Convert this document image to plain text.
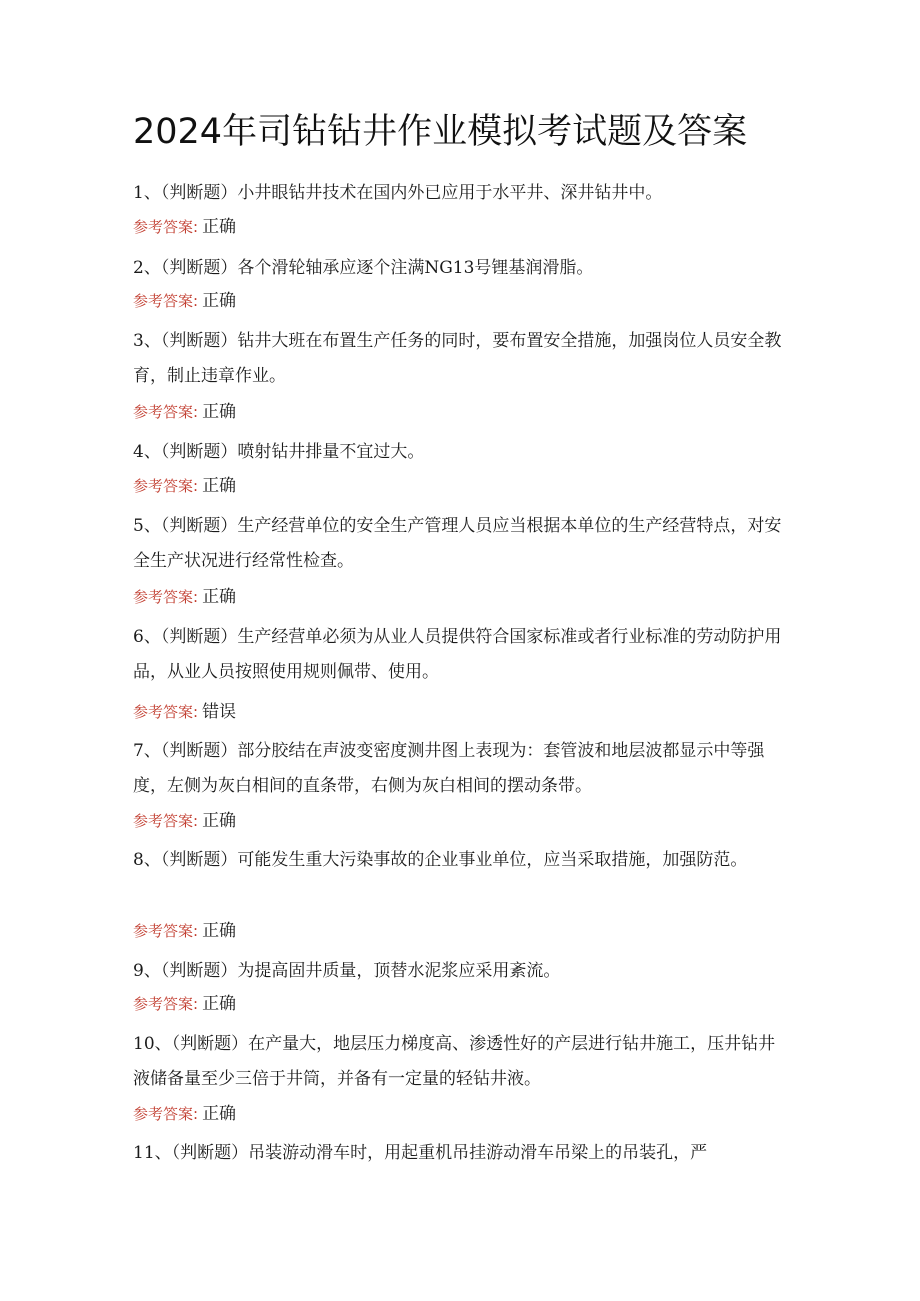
2024年司钻钻井作业模拟考试题及答案
1、（判断题）小井眼钻井技术在国内外已应用于水平井、深井钻井中。
参考答案: 正确
2、（判断题）各个滑轮轴承应逐个注满NG13号锂基润滑脂。
参考答案: 正确
3、（判断题）钻井大班在布置生产任务的同时，要布置安全措施，加强岗位人员安全教育，制止违章作业。
参考答案: 正确
4、（判断题）喷射钻井排量不宜过大。
参考答案: 正确
5、（判断题）生产经营单位的安全生产管理人员应当根据本单位的生产经营特点，对安全生产状况进行经常性检查。
参考答案: 正确
6、（判断题）生产经营单必须为从业人员提供符合国家标准或者行业标准的劳动防护用品，从业人员按照使用规则佩带、使用。
参考答案: 错误
7、（判断题）部分胶结在声波变密度测井图上表现为：套管波和地层波都显示中等强度，左侧为灰白相间的直条带，右侧为灰白相间的摆动条带。
参考答案: 正确
8、（判断题）可能发生重大污染事故的企业事业单位，应当采取措施，加强防范。
参考答案: 正确
9、（判断题）为提高固井质量，顶替水泥浆应采用紊流。
参考答案: 正确
10、（判断题）在产量大，地层压力梯度高、渗透性好的产层进行钻井施工，压井钻井液储备量至少三倍于井筒，并备有一定量的轻钻井液。
参考答案: 正确
11、（判断题）吊装游动滑车时，用起重机吊挂游动滑车吊梁上的吊装孔，严
